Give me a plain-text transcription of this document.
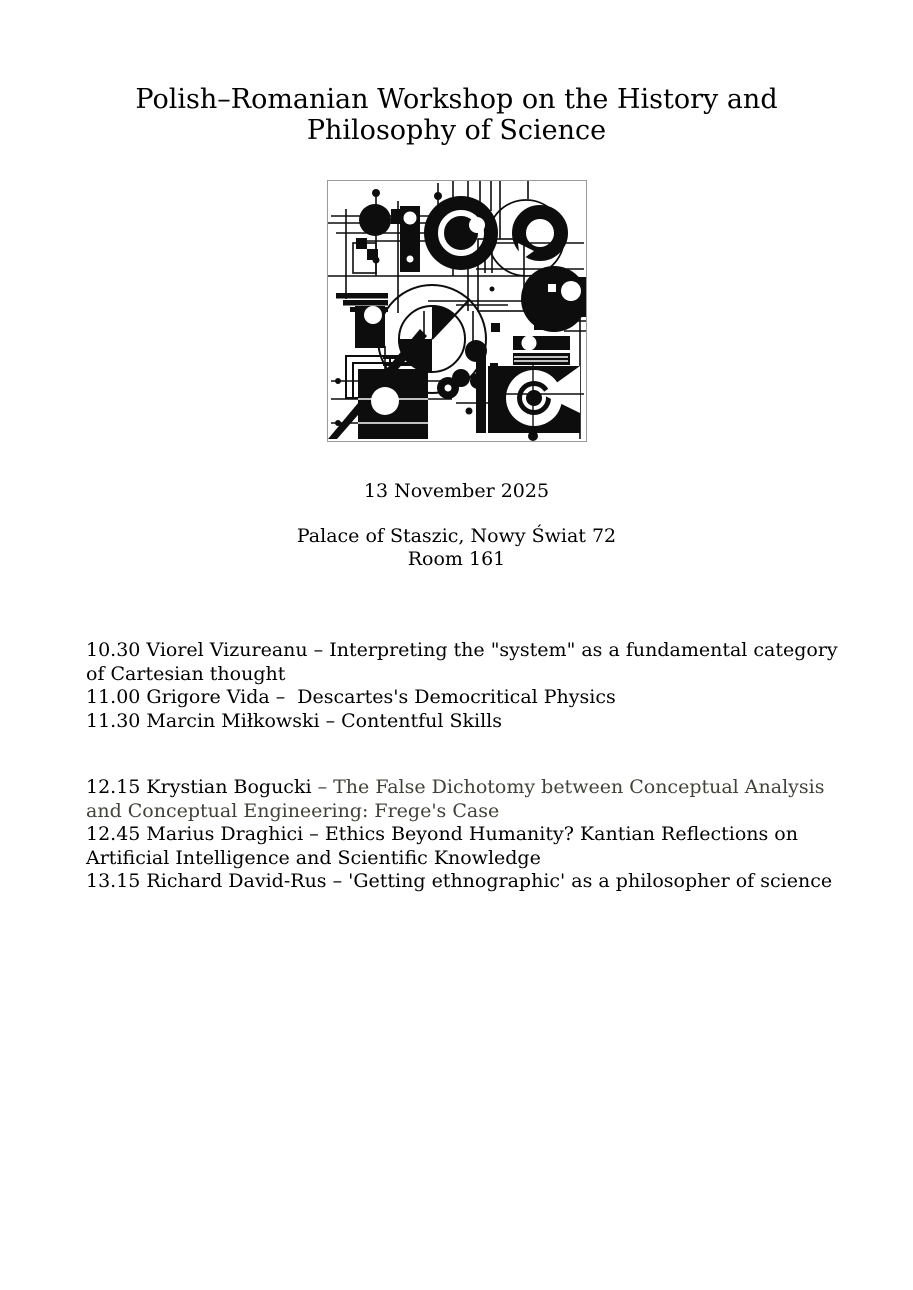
Polish–Romanian Workshop on the History and Philosophy of Science

13 November 2025

Palace of Staszic, Nowy Świat 72
Room 161

10.30 Viorel Vizureanu – Interpreting the "system" as a fundamental category of Cartesian thought
11.00 Grigore Vida –  Descartes's Democritical Physics
11.30 Marcin Miłkowski – Contentful Skills
12.15 Krystian Bogucki – The False Dichotomy between Conceptual Analysis and Conceptual Engineering: Frege's Case
12.45 Marius Draghici – Ethics Beyond Humanity? Kantian Reflections on Artificial Intelligence and Scientific Knowledge
13.15 Richard David-Rus – 'Getting ethnographic' as a philosopher of science
